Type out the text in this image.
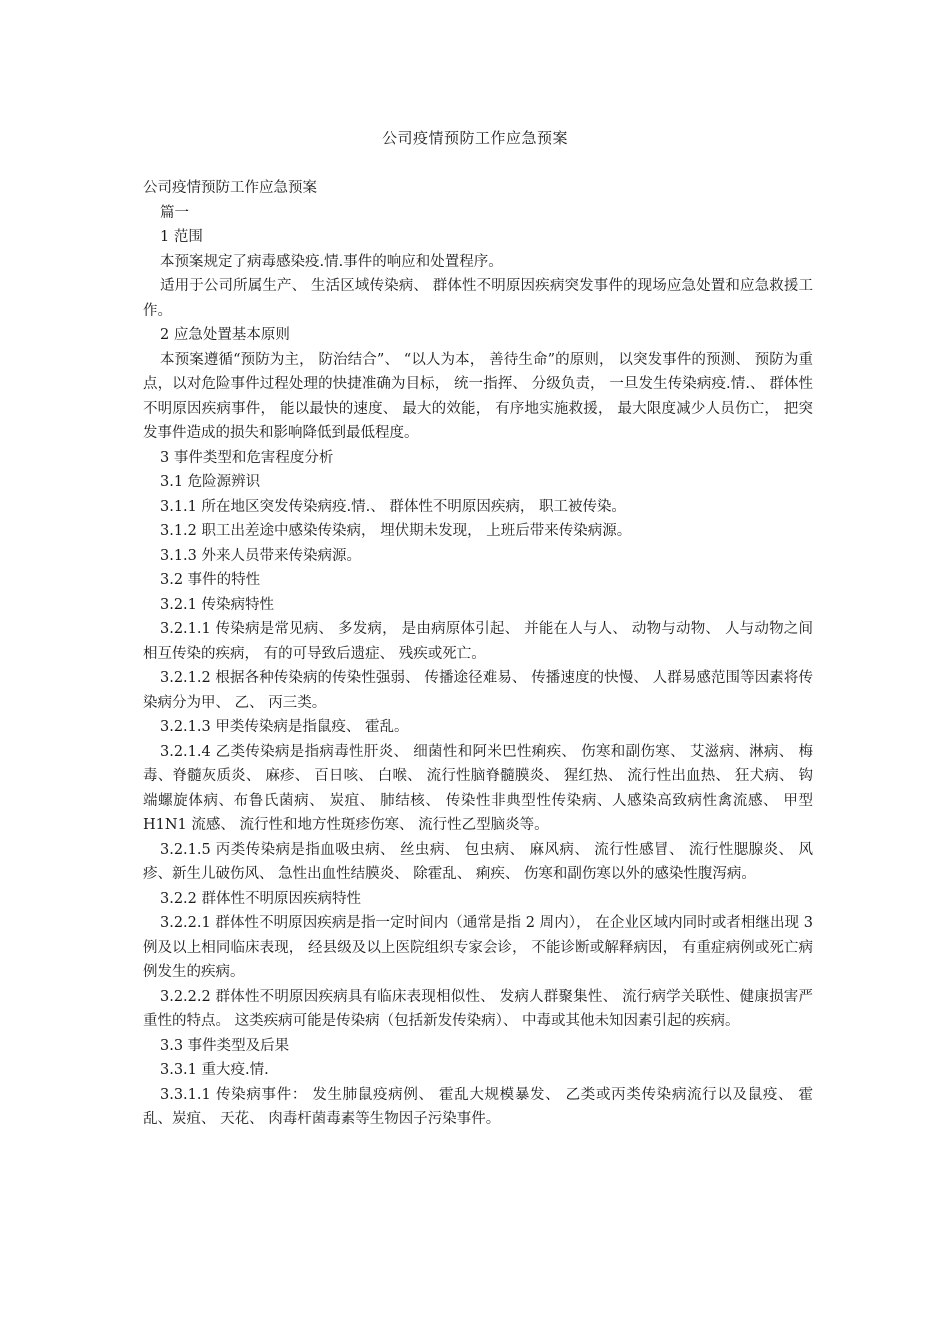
公司疫情预防工作应急预案

公司疫情预防工作应急预案

篇一

1 范围

本预案规定了病毒感染疫.情.事件的响应和处置程序。

适用于公司所属生产、 生活区域传染病、 群体性不明原因疾病突发事件的现场应急处置和应急救援工作。

2 应急处置基本原则

本预案遵循“预防为主， 防治结合”、 “以人为本， 善待生命”的原则， 以突发事件的预测、 预防为重点，以对危险事件过程处理的快捷准确为目标， 统一指挥、 分级负责， 一旦发生传染病疫.情.、 群体性不明原因疾病事件， 能以最快的速度、 最大的效能， 有序地实施救援， 最大限度减少人员伤亡， 把突发事件造成的损失和影响降低到最低程度。

3 事件类型和危害程度分析

3.1 危险源辨识

3.1.1 所在地区突发传染病疫.情.、 群体性不明原因疾病， 职工被传染。

3.1.2 职工出差途中感染传染病， 埋伏期未发现， 上班后带来传染病源。

3.1.3 外来人员带来传染病源。

3.2 事件的特性

3.2.1 传染病特性

3.2.1.1 传染病是常见病、 多发病， 是由病原体引起、 并能在人与人、 动物与动物、 人与动物之间相互传染的疾病， 有的可导致后遗症、 残疾或死亡。

3.2.1.2 根据各种传染病的传染性强弱、 传播途径难易、 传播速度的快慢、 人群易感范围等因素将传染病分为甲、 乙、 丙三类。

3.2.1.3 甲类传染病是指鼠疫、 霍乱。

3.2.1.4 乙类传染病是指病毒性肝炎、 细菌性和阿米巴性痢疾、 伤寒和副伤寒、 艾滋病、淋病、 梅毒、脊髓灰质炎、 麻疹、 百日咳、 白喉、 流行性脑脊髓膜炎、 猩红热、 流行性出血热、 狂犬病、 钩端螺旋体病、布鲁氏菌病、 炭疽、 肺结核、 传染性非典型性传染病、人感染高致病性禽流感、 甲型 H1N1 流感、 流行性和地方性斑疹伤寒、 流行性乙型脑炎等。

3.2.1.5 丙类传染病是指血吸虫病、 丝虫病、 包虫病、 麻风病、 流行性感冒、 流行性腮腺炎、 风疹、新生儿破伤风、 急性出血性结膜炎、 除霍乱、 痢疾、 伤寒和副伤寒以外的感染性腹泻病。

3.2.2 群体性不明原因疾病特性

3.2.2.1 群体性不明原因疾病是指一定时间内（通常是指 2 周内）， 在企业区域内同时或者相继出现 3例及以上相同临床表现， 经县级及以上医院组织专家会诊， 不能诊断或解释病因， 有重症病例或死亡病例发生的疾病。

3.2.2.2 群体性不明原因疾病具有临床表现相似性、 发病人群聚集性、 流行病学关联性、健康损害严重性的特点。 这类疾病可能是传染病（包括新发传染病）、 中毒或其他未知因素引起的疾病。

3.3 事件类型及后果

3.3.1 重大疫.情.

3.3.1.1 传染病事件： 发生肺鼠疫病例、 霍乱大规模暴发、 乙类或丙类传染病流行以及鼠疫、 霍乱、炭疽、 天花、 肉毒杆菌毒素等生物因子污染事件。
